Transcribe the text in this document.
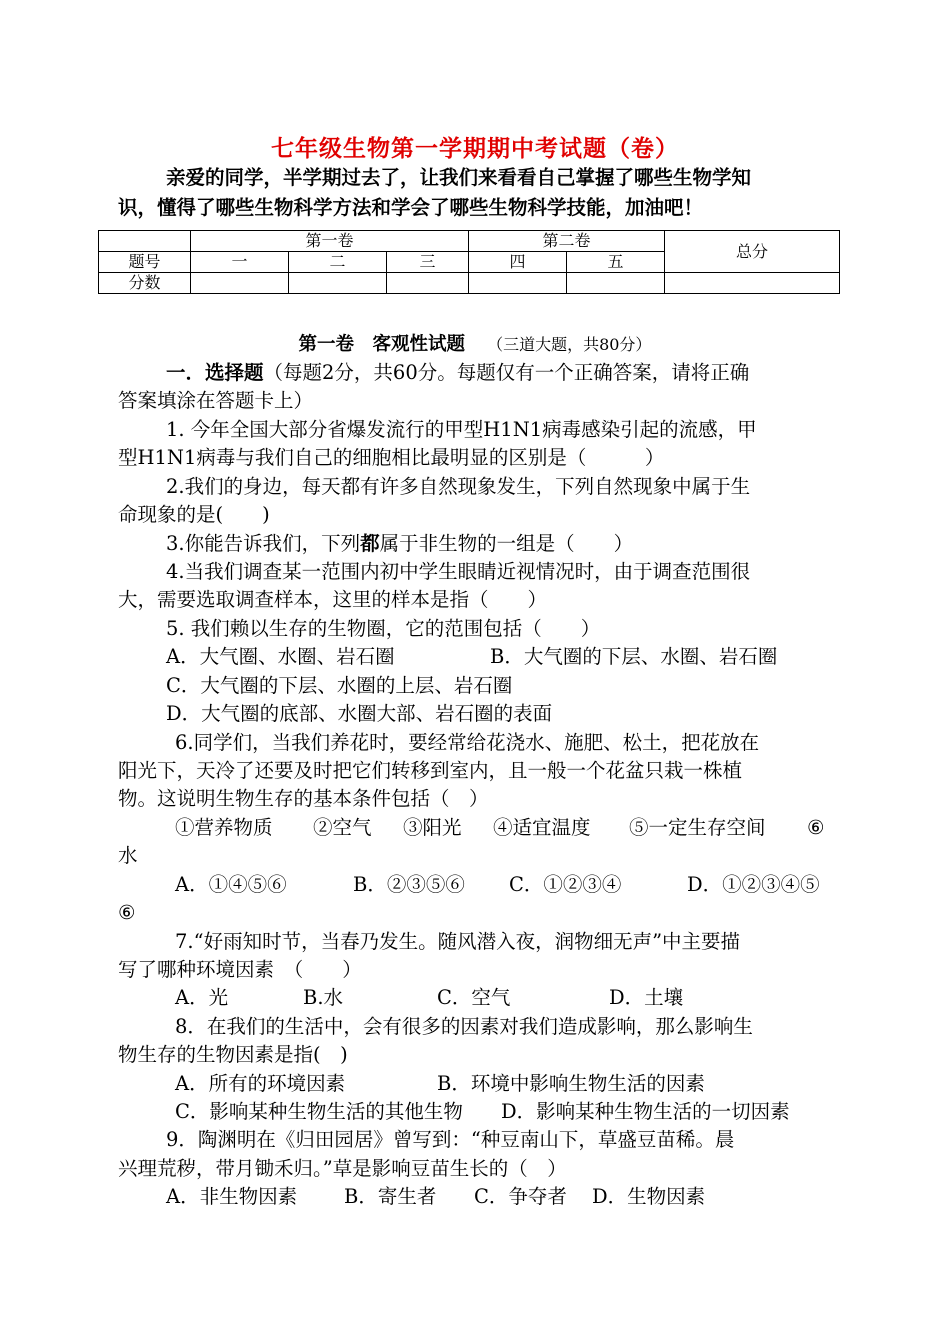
七年级生物第一学期期中考试题（卷）
亲爱的同学，半学期过去了，让我们来看看自己掌握了哪些生物学知
识，懂得了哪些生物科学方法和学会了哪些生物科学技能，加油吧！
	第一卷			第二卷		总分
题号	一	二	三	四	五	
分数						
第一卷　客观性试题 （三道大题，共80分）
一．选择题（每题2分，共60分。每题仅有一个正确答案，请将正确
答案填涂在答题卡上）
1. 今年全国大部分省爆发流行的甲型H1N1病毒感染引起的流感，甲
型H1N1病毒与我们自己的细胞相比最明显的区别是（　　　）
2.我们的身边，每天都有许多自然现象发生，下列自然现象中属于生
命现象的是(　　)
3.你能告诉我们，下列都属于非生物的一组是（　　）
4.当我们调查某一范围内初中学生眼睛近视情况时，由于调查范围很
大，需要选取调查样本，这里的样本是指（　　）
5. 我们赖以生存的生物圈，它的范围包括（　　）
A．大气圈、水圈、岩石圈	B．大气圈的下层、水圈、岩石圈
C．大气圈的下层、水圈的上层、岩石圈
D．大气圈的底部、水圈大部、岩石圈的表面
6.同学们，当我们养花时，要经常给花浇水、施肥、松土，把花放在
阳光下，天冷了还要及时把它们转移到室内，且一般一个花盆只栽一株植
物。这说明生物生存的基本条件包括（　）
①营养物质 ②空气 ③阳光 ④适宜温度 ⑤一定生存空间 ⑥
水
A．①④⑤⑥	B．②③⑤⑥ C．①②③④	D．①②③④⑤
⑥
7.“好雨知时节，当春乃发生。随风潜入夜，润物细无声”中主要描
写了哪种环境因素　（　　）
A．光	B.水	C．空气	D．土壤
8．在我们的生活中，会有很多的因素对我们造成影响，那么影响生
物生存的生物因素是指(　)
A．所有的环境因素	B．环境中影响生物生活的因素
C．影响某种生物生活的其他生物 D．影响某种生物生活的一切因素
9．陶渊明在《归田园居》曾写到：“种豆南山下，草盛豆苗稀。晨
兴理荒秽，带月锄禾归。”草是影响豆苗生长的（　）
A．非生物因素 B．寄生者 C．争夺者 D．生物因素
